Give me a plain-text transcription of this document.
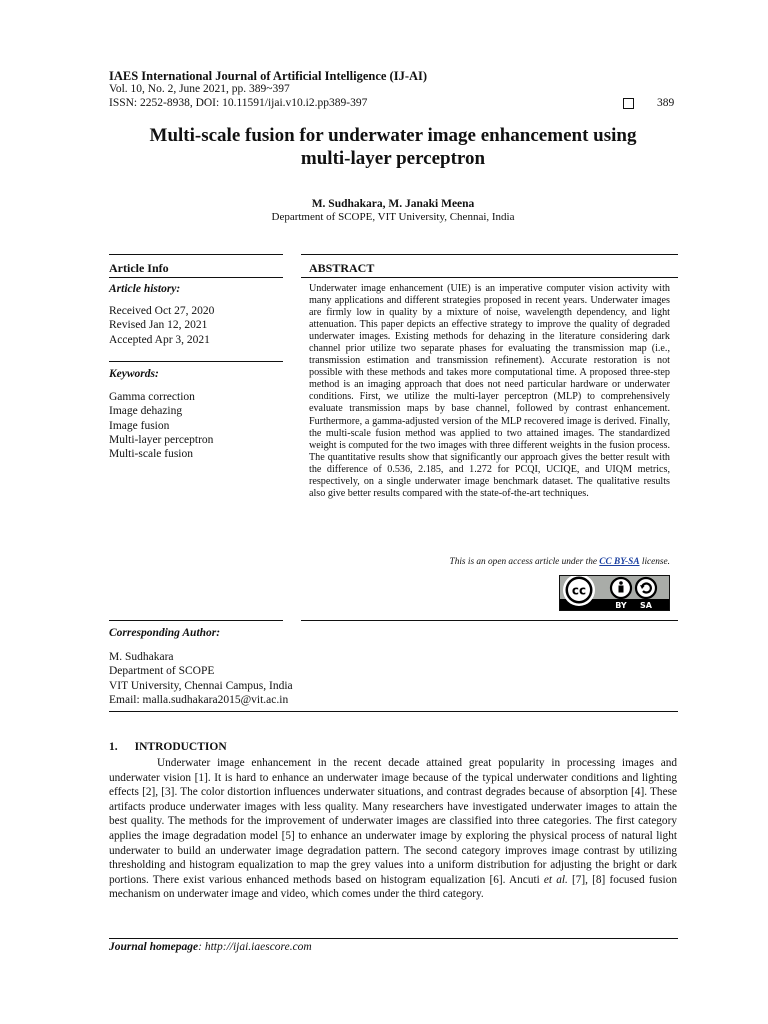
IAES International Journal of Artificial Intelligence (IJ-AI)
Vol. 10, No. 2, June 2021, pp. 389~397
ISSN: 2252-8938, DOI: 10.11591/ijai.v10.i2.pp389-397	389
Multi-scale fusion for underwater image enhancement using
multi-layer perceptron
M. Sudhakara, M. Janaki Meena
Department of SCOPE, VIT University, Chennai, India
Article Info
Article history:
Received Oct 27, 2020
Revised Jan 12, 2021
Accepted Apr 3, 2021
Keywords:
Gamma correction
Image dehazing
Image fusion
Multi-layer perceptron
Multi-scale fusion
ABSTRACT
Underwater image enhancement (UIE) is an imperative computer vision activity with many applications and different strategies proposed in recent years. Underwater images are firmly low in quality by a mixture of noise, wavelength dependency, and light attenuation. This paper depicts an effective strategy to improve the quality of degraded underwater images. Existing methods for dehazing in the literature considering dark channel prior utilize two separate phases for evaluating the transmission map (i.e., transmission estimation and transmission refinement). Accurate restoration is not possible with these methods and takes more computational time. A proposed three-step method is an imaging approach that does not need particular hardware or underwater conditions. First, we utilize the multi-layer perceptron (MLP) to comprehensively evaluate transmission maps by base channel, followed by contrast enhancement. Furthermore, a gamma-adjusted version of the MLP recovered image is derived. Finally, the multi-scale fusion method was applied to two attained images. The standardized weight is computed for the two images with three different weights in the fusion process. The quantitative results show that significantly our approach gives the better result with the difference of 0.536, 2.185, and 1.272 for PCQI, UCIQE, and UIQM metrics, respectively, on a single underwater image benchmark dataset. The qualitative results also give better results compared with the state-of-the-art techniques.
This is an open access article under the CC BY-SA license.
cc
BY SA
Corresponding Author:
M. Sudhakara
Department of SCOPE
VIT University, Chennai Campus, India
Email: malla.sudhakara2015@vit.ac.in
1. INTRODUCTION
Underwater image enhancement in the recent decade attained great popularity in processing images and underwater vision [1]. It is hard to enhance an underwater image because of the typical underwater conditions and lighting effects [2], [3]. The color distortion influences underwater situations, and contrast degrades because of absorption [4]. These artifacts produce underwater images with less quality. Many researchers have investigated underwater images to attain the best quality. The methods for the improvement of underwater images are classified into three categories. The first category applies the image degradation model [5] to enhance an underwater image by exploring the physical process of natural light underwater to build an underwater image degradation pattern. The second category improves image contrast by utilizing thresholding and histogram equalization to map the grey values into a uniform distribution for adjusting the bright or dark portions. There exist various enhanced methods based on histogram equalization [6]. Ancuti et al. [7], [8] focused fusion mechanism on underwater image and video, which comes under the third category.
Journal homepage: http://ijai.iaescore.com
